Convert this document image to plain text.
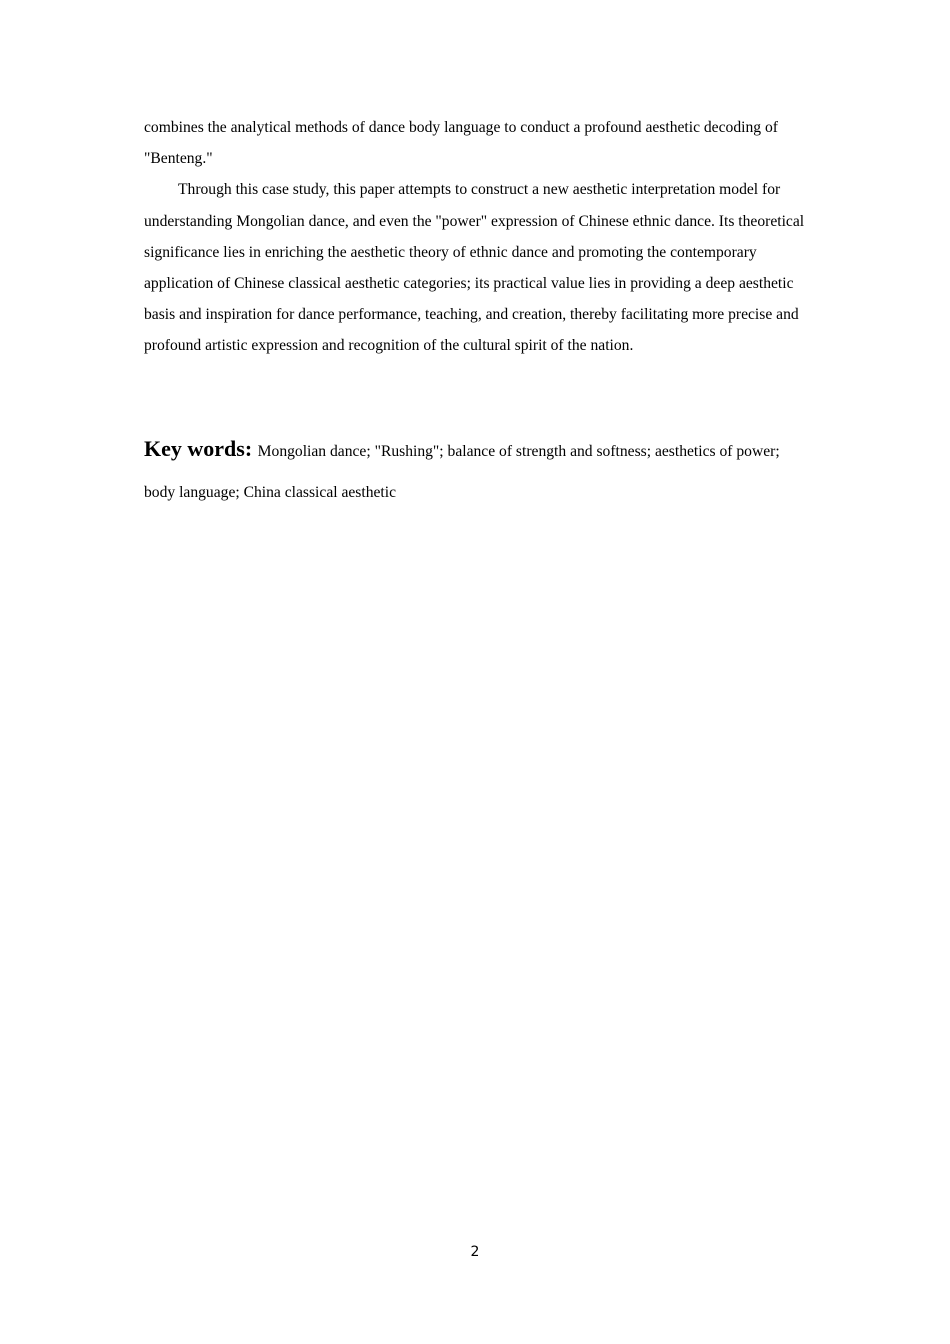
combines the analytical methods of dance body language to conduct a profound aesthetic decoding of "Benteng."

Through this case study, this paper attempts to construct a new aesthetic interpretation model for understanding Mongolian dance, and even the "power" expression of Chinese ethnic dance. Its theoretical significance lies in enriching the aesthetic theory of ethnic dance and promoting the contemporary application of Chinese classical aesthetic categories; its practical value lies in providing a deep aesthetic basis and inspiration for dance performance, teaching, and creation, thereby facilitating more precise and profound artistic expression and recognition of the cultural spirit of the nation.

Key words: Mongolian dance; "Rushing"; balance of strength and softness; aesthetics of power; body language; China classical aesthetic
2
